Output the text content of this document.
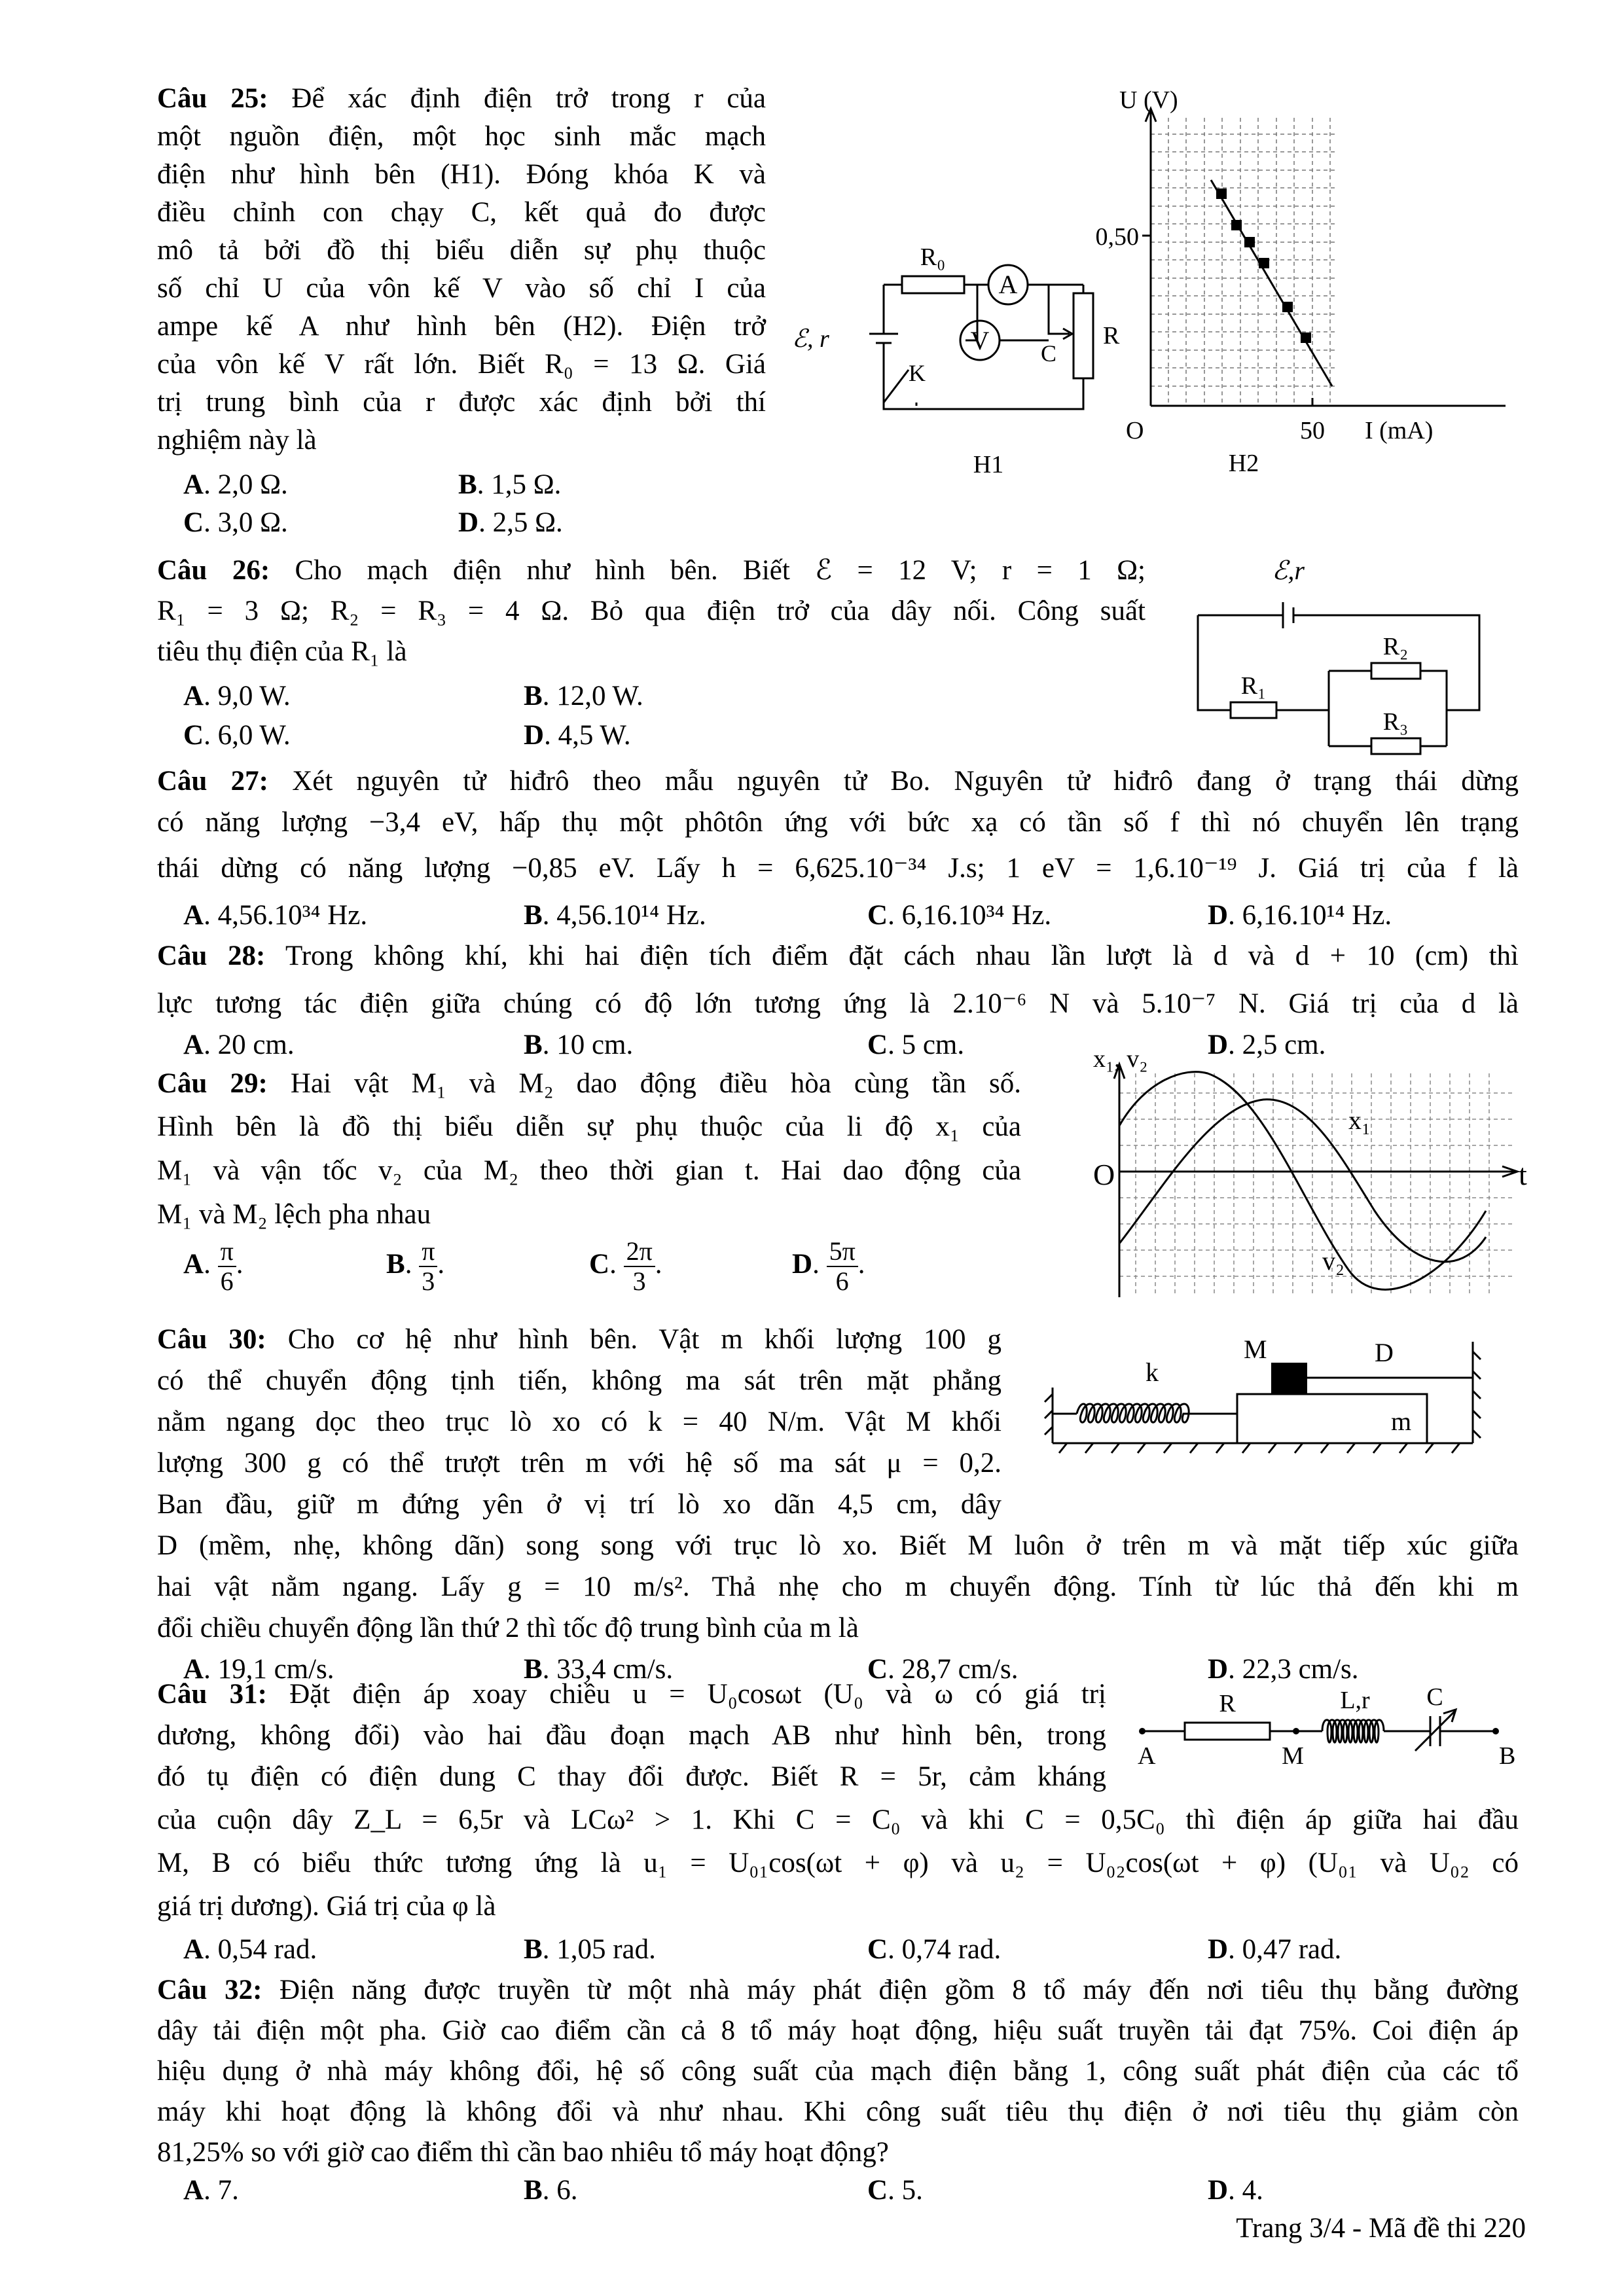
Câu 25: Để xác định điện trở trong r của
một nguồn điện, một học sinh mắc mạch
điện như hình bên (H1). Đóng khóa K và
điều chỉnh con chạy C, kết quả đo được
mô tả bởi đồ thị biểu diễn sự phụ thuộc
số chỉ U của vôn kế V vào số chỉ I của
ampe kế A như hình bên (H2). Điện trở
của vôn kế V rất lớn. Biết R₀ = 13 Ω. Giá
trị trung bình của r được xác định bởi thí
nghiệm này là
A. 2,0 Ω.	B. 1,5 Ω.
C. 3,0 Ω.	D. 2,5 Ω.
R₀
A
V	R
C
K
ℰ, r
H1
U (V)
0,50
O	50 I (mA)
H2
Câu 26: Cho mạch điện như hình bên. Biết ℰ = 12 V; r = 1 Ω;
R₁ = 3 Ω; R₂ = R₃ = 4 Ω. Bỏ qua điện trở của dây nối. Công suất
tiêu thụ điện của R₁ là
A. 9,0 W.	B. 12,0 W.
C. 6,0 W.	D. 4,5 W.
ℰ,r
R₁
R₂
R₃
Câu 27: Xét nguyên tử hiđrô theo mẫu nguyên tử Bo. Nguyên tử hiđrô đang ở trạng thái dừng
có năng lượng −3,4 eV, hấp thụ một phôtôn ứng với bức xạ có tần số f thì nó chuyển lên trạng
thái dừng có năng lượng −0,85 eV. Lấy h = 6,625.10⁻³⁴ J.s; 1 eV = 1,6.10⁻¹⁹ J. Giá trị của f là
A. 4,56.10³⁴ Hz.	B. 4,56.10¹⁴ Hz.	C. 6,16.10³⁴ Hz.	D. 6,16.10¹⁴ Hz.
Câu 28: Trong không khí, khi hai điện tích điểm đặt cách nhau lần lượt là d và d + 10 (cm) thì
lực tương tác điện giữa chúng có độ lớn tương ứng là 2.10⁻⁶ N và 5.10⁻⁷ N. Giá trị của d là
A. 20 cm.	B. 10 cm.	C. 5 cm.	D. 2,5 cm.
Câu 29: Hai vật M₁ và M₂ dao động điều hòa cùng tần số.
Hình bên là đồ thị biểu diễn sự phụ thuộc của li độ x₁ của
M₁ và vận tốc v₂ của M₂ theo thời gian t. Hai dao động của
M₁ và M₂ lệch pha nhau
A. $\frac{\pi}{6}$ .	B. $\frac{\pi}{3}$ .	C. $\frac{2\pi}{3}$ .	D. $\frac{5\pi}{6}$ .
x₁, v₂
O	t
x₁
v₂
Câu 30: Cho cơ hệ như hình bên. Vật m khối lượng 100 g
có thể chuyển động tịnh tiến, không ma sát trên mặt phẳng
nằm ngang dọc theo trục lò xo có k = 40 N/m. Vật M khối
lượng 300 g có thể trượt trên m với hệ số ma sát μ = 0,2.
Ban đầu, giữ m đứng yên ở vị trí lò xo dãn 4,5 cm, dây
D (mềm, nhẹ, không dãn) song song với trục lò xo. Biết M luôn ở trên m và mặt tiếp xúc giữa
hai vật nằm ngang. Lấy g = 10 m/s². Thả nhẹ cho m chuyển động. Tính từ lúc thả đến khi m
đổi chiều chuyển động lần thứ 2 thì tốc độ trung bình của m là
A. 19,1 cm/s.	B. 33,4 cm/s.	C. 28,7 cm/s.	D. 22,3 cm/s.
k
M	D
m
Câu 31: Đặt điện áp xoay chiều u = U₀cosωt (U₀ và ω có giá trị
dương, không đổi) vào hai đầu đoạn mạch AB như hình bên, trong
đó tụ điện có điện dung C thay đổi được. Biết R = 5r, cảm kháng
của cuộn dây Z_L = 6,5r và LCω² > 1. Khi C = C₀ và khi C = 0,5C₀ thì điện áp giữa hai đầu
M, B có biểu thức tương ứng là u₁ = U₀₁cos(ωt + φ) và u₂ = U₀₂cos(ωt + φ) (U₀₁ và U₀₂ có
giá trị dương). Giá trị của φ là
A. 0,54 rad.	B. 1,05 rad.	C. 0,74 rad.	D. 0,47 rad.
R	L,r C
A	M	B
Câu 32: Điện năng được truyền từ một nhà máy phát điện gồm 8 tổ máy đến nơi tiêu thụ bằng đường
dây tải điện một pha. Giờ cao điểm cần cả 8 tổ máy hoạt động, hiệu suất truyền tải đạt 75%. Coi điện áp
hiệu dụng ở nhà máy không đổi, hệ số công suất của mạch điện bằng 1, công suất phát điện của các tổ
máy khi hoạt động là không đổi và như nhau. Khi công suất tiêu thụ điện ở nơi tiêu thụ giảm còn
81,25% so với giờ cao điểm thì cần bao nhiêu tổ máy hoạt động?
A. 7.	B. 6.	C. 5.	D. 4.
Trang 3/4 - Mã đề thi 220
